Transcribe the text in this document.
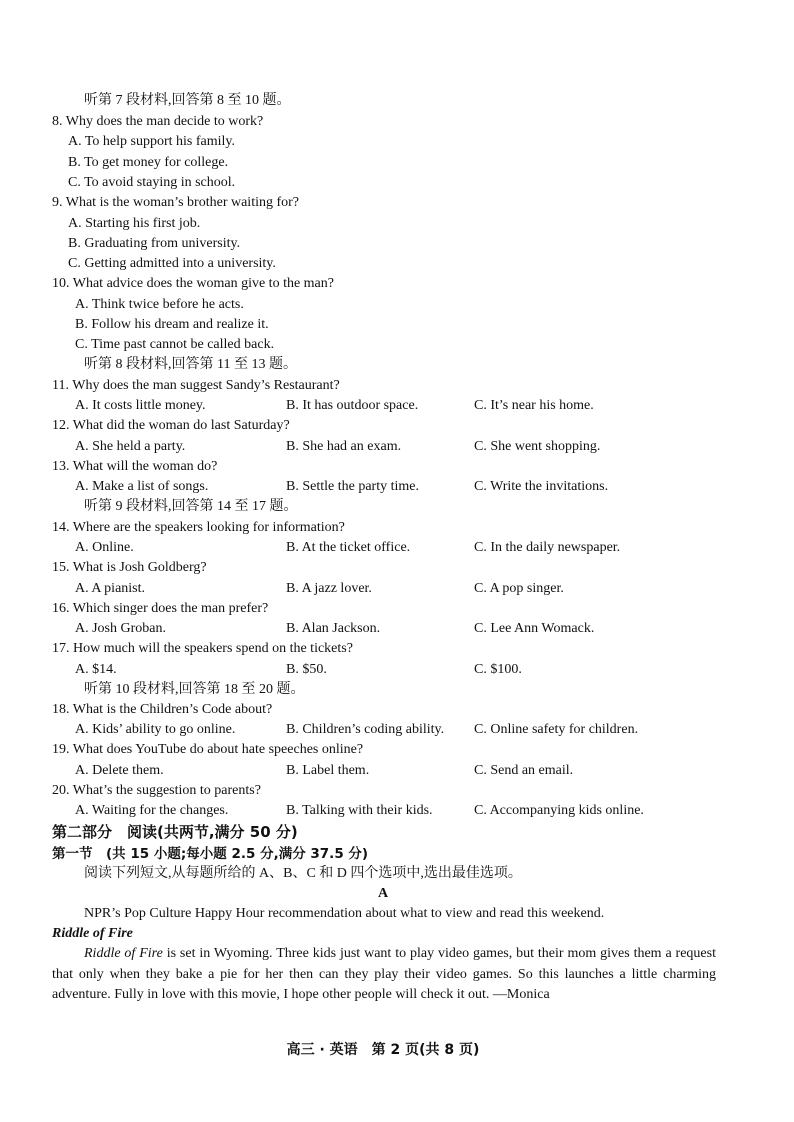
听第 7 段材料,回答第 8 至 10 题。
8. Why does the man decide to work?
A. To help support his family.
B. To get money for college.
C. To avoid staying in school.
9. What is the woman’s brother waiting for?
A. Starting his first job.
B. Graduating from university.
C. Getting admitted into a university.
10. What advice does the woman give to the man?
A. Think twice before he acts.
B. Follow his dream and realize it.
C. Time past cannot be called back.
听第 8 段材料,回答第 11 至 13 题。
11. Why does the man suggest Sandy’s Restaurant?
A. It costs little money.	B. It has outdoor space.	C. It’s near his home.
12. What did the woman do last Saturday?
A. She held a party.	B. She had an exam.	C. She went shopping.
13. What will the woman do?
A. Make a list of songs.	B. Settle the party time.	C. Write the invitations.
听第 9 段材料,回答第 14 至 17 题。
14. Where are the speakers looking for information?
A. Online.	B. At the ticket office.	C. In the daily newspaper.
15. What is Josh Goldberg?
A. A pianist.	B. A jazz lover.	C. A pop singer.
16. Which singer does the man prefer?
A. Josh Groban.	B. Alan Jackson.	C. Lee Ann Womack.
17. How much will the speakers spend on the tickets?
A. $14.	B. $50.	C. $100.
听第 10 段材料,回答第 18 至 20 题。
18. What is the Children’s Code about?
A. Kids’ ability to go online.	B. Children’s coding ability. C. Online safety for children.
19. What does YouTube do about hate speeches online?
A. Delete them.	B. Label them.	C. Send an email.
20. What’s the suggestion to parents?
A. Waiting for the changes.	B. Talking with their kids.	C. Accompanying kids online.
第二部分　阅读(共两节,满分 50 分)
第一节　(共 15 小题;每小题 2.5 分,满分 37.5 分)
阅读下列短文,从每题所给的 A、B、C 和 D 四个选项中,选出最佳选项。
A
NPR’s Pop Culture Happy Hour recommendation about what to view and read this weekend.
Riddle of Fire
Riddle of Fire is set in Wyoming. Three kids just want to play video games, but their mom gives them a request that only when they bake a pie for her then can they play their video games. So this launches a little charming adventure. Fully in love with this movie, I hope other people will check it out. —Monica
高三 · 英语　第 2 页(共 8 页)
